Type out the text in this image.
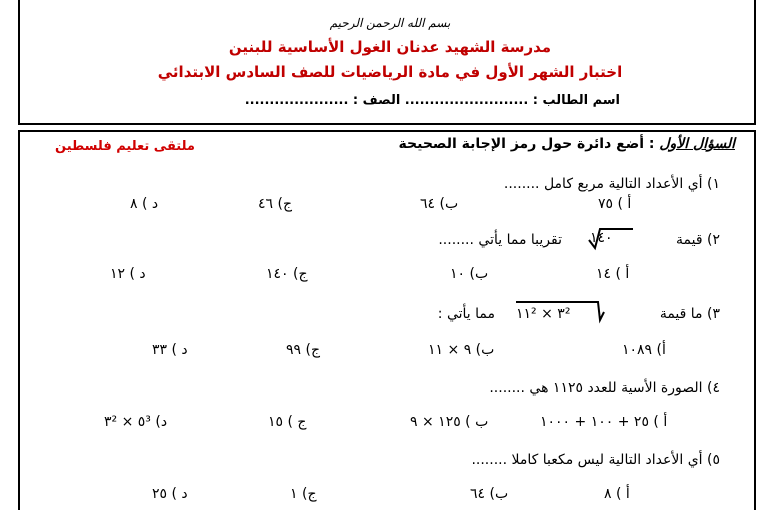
بسم الله الرحمن الرحيم
مدرسة الشهيد عدنان الغول الأساسية للبنين
اختبار الشهر الأول في مادة الرياضيات للصف السادس الابتدائي
اسم الطالب : ......................... الصف : .....................
السؤال الأول : أضع دائرة حول رمز الإجابة الصحيحة
ملتقى تعليم فلسطين
١) أي الأعداد التالية مربع كامل ........
أ ) ٧٥
ب) ٦٤
ج) ٤٦
د ) ٨
٢) قيمة
١٤٠
تقريبا مما يأتي ........
أ ) ١٤
ب) ١٠
ج) ١٤٠
د ) ١٢
٣) ما قيمة
٣² × ١١²
مما يأتي :
أ) ١٠٨٩
ب) ٩ × ١١
ج) ٩٩
د ) ٣٣
٤) الصورة الأسية للعدد ١١٢٥ هي ........
أ ) ٢٥ + ١٠٠ + ١٠٠٠
ب ) ١٢٥ × ٩
ج ) ١٥
د) ٥³ × ٣²
٥) أي الأعداد التالية ليس مكعبا كاملا ........
أ ) ٨
ب) ٦٤
ج) ١
د ) ٢٥
